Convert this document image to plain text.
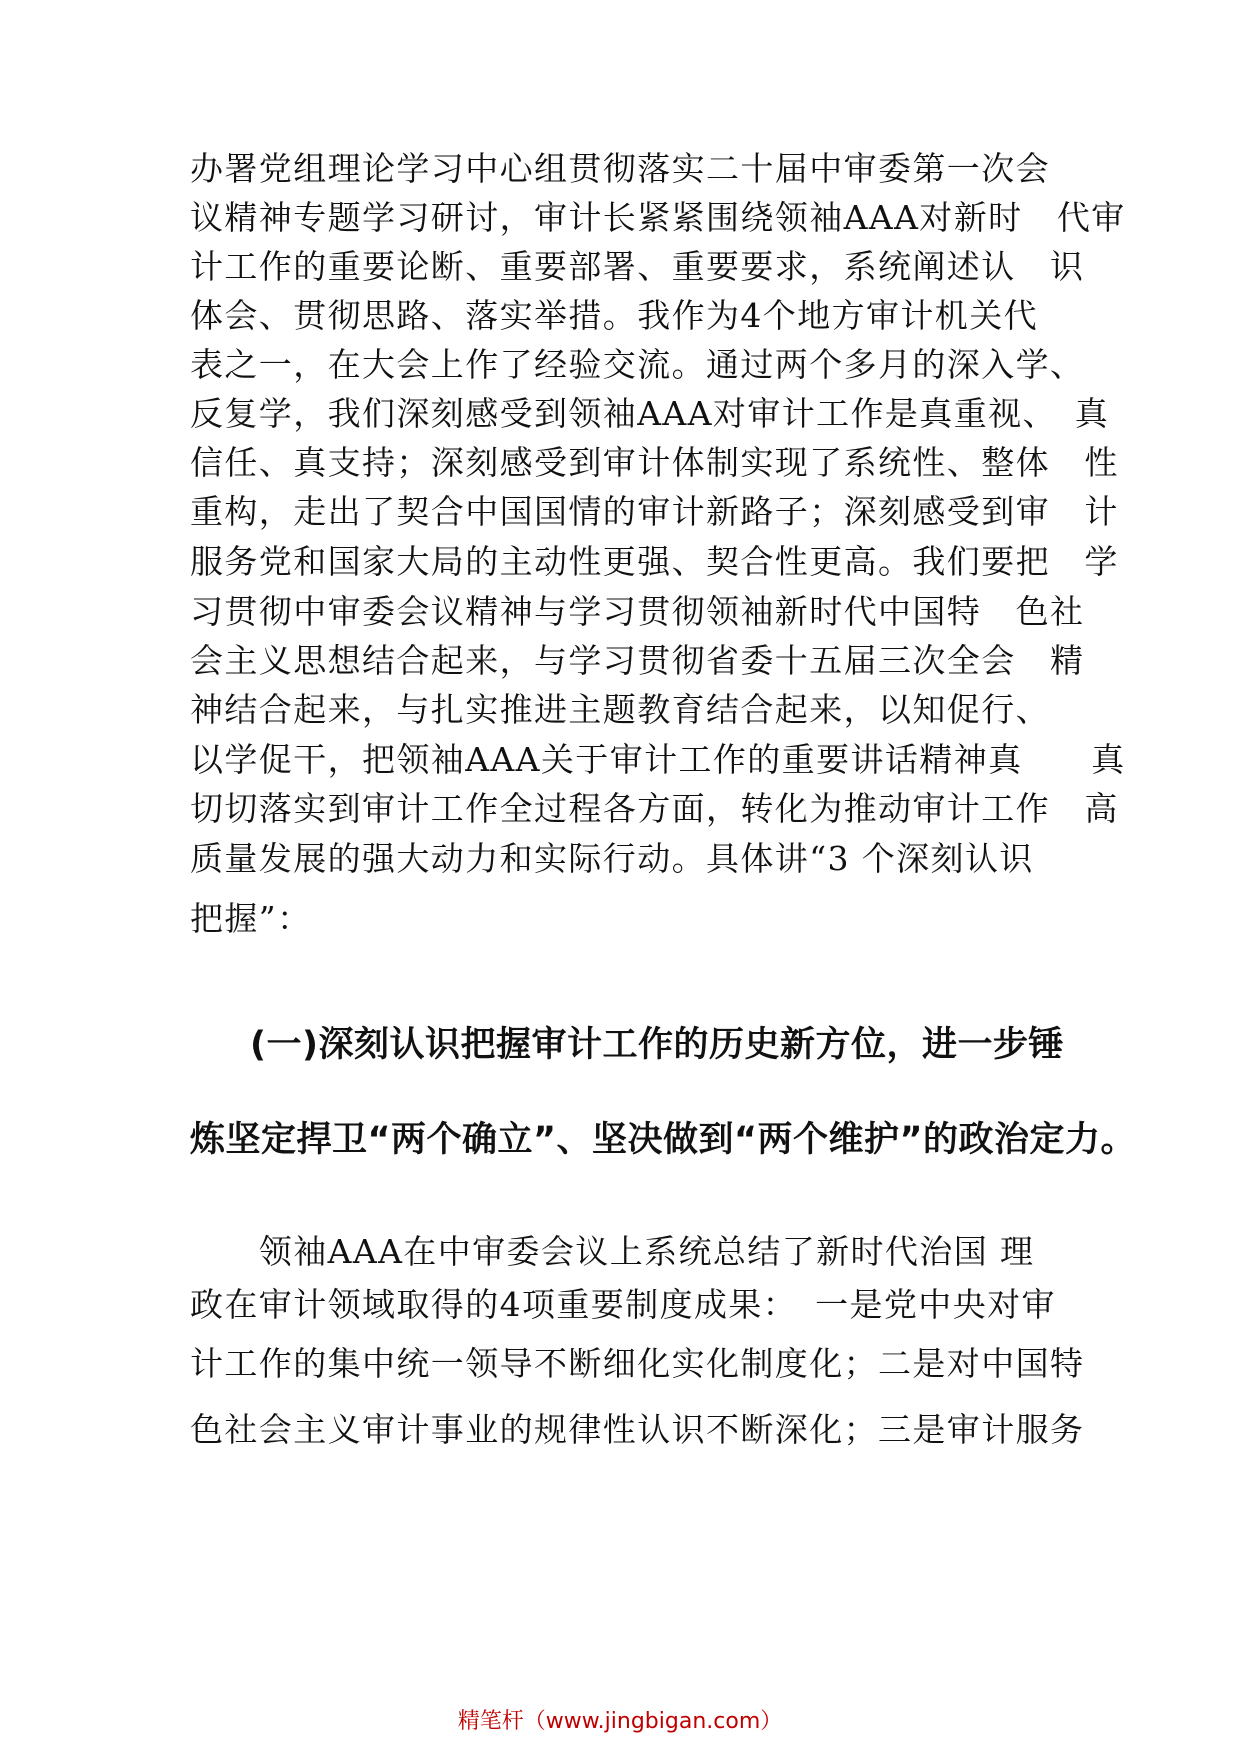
办署党组理论学习中心组贯彻落实二十届中审委第一次会

议精神专题学习研讨，审计长紧紧围绕领袖AAA对新时　代审

计工作的重要论断、重要部署、重要要求，系统阐述认　识

体会、贯彻思路、落实举措。我作为4个地方审计机关代

表之一，在大会上作了经验交流。通过两个多月的深入学、

反复学，我们深刻感受到领袖AAA对审计工作是真重视、　真

信任、真支持；深刻感受到审计体制实现了系统性、整体　性

重构，走出了契合中国国情的审计新路子；深刻感受到审　计

服务党和国家大局的主动性更强、契合性更高。我们要把　学

习贯彻中审委会议精神与学习贯彻领袖新时代中国特　色社

会主义思想结合起来，与学习贯彻省委十五届三次全会　精

神结合起来，与扎实推进主题教育结合起来，以知促行、

以学促干，把领袖AAA关于审计工作的重要讲话精神真　　真

切切落实到审计工作全过程各方面，转化为推动审计工作　高

质量发展的强大动力和实际行动。具体讲“3 个深刻认识

把握”：

(一)深刻认识把握审计工作的历史新方位，进一步锤

炼坚定捍卫“两个确立”、坚决做到“两个维护”的政治定力。

　　领袖AAA在中审委会议上系统总结了新时代治国 理

政在审计领域取得的4项重要制度成果：　一是党中央对审

计工作的集中统一领导不断细化实化制度化；二是对中国特

色社会主义审计事业的规律性认识不断深化；三是审计服务

精笔杆（www.jingbigan.com）
